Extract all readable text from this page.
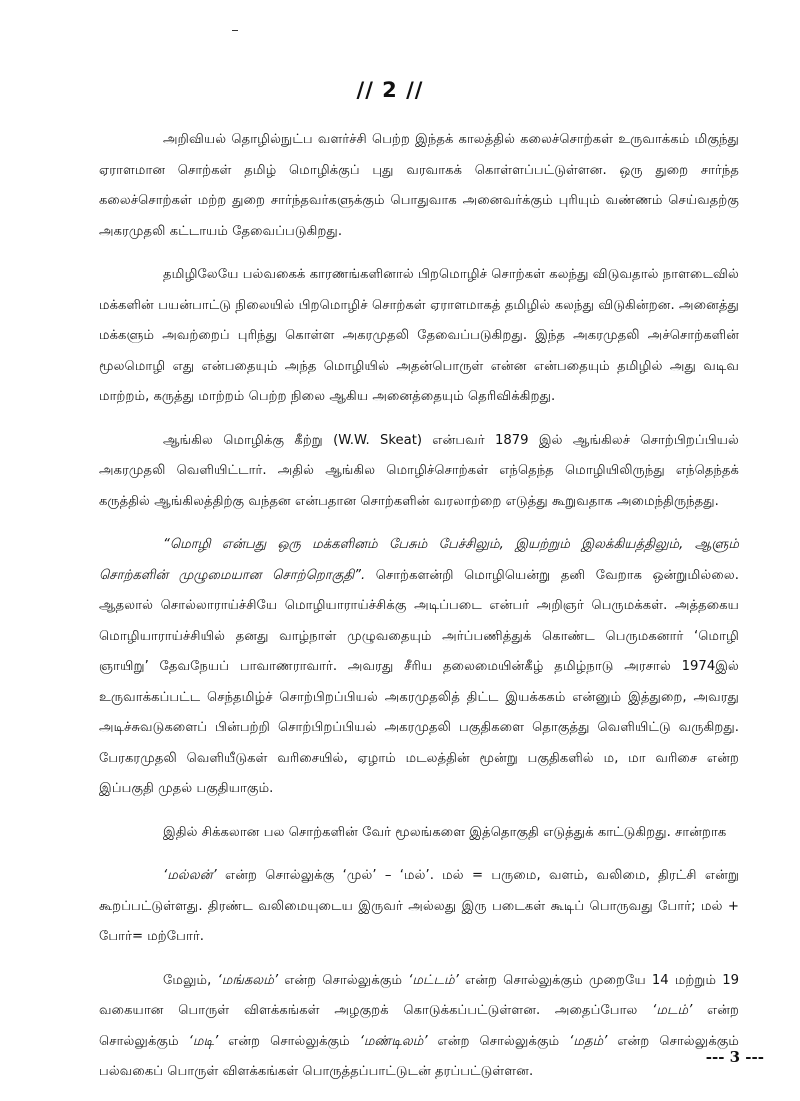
// 2 //

அறிவியல் தொழில்நுட்ப வளர்ச்சி பெற்ற இந்தக் காலத்தில் கலைச்சொற்கள் உருவாக்கம் மிகுந்து ஏராளமான சொற்கள் தமிழ் மொழிக்குப் புது வரவாகக் கொள்ளப்பட்டுள்ளன. ஒரு துறை சார்ந்த கலைச்சொற்கள் மற்ற துறை சார்ந்தவர்களுக்கும் பொதுவாக அனைவர்க்கும் புரியும் வண்ணம் செய்வதற்கு அகரமுதலி கட்டாயம் தேவைப்படுகிறது.

தமிழிலேயே பல்வகைக் காரணங்களினால் பிறமொழிச் சொற்கள் கலந்து விடுவதால் நாளடைவில் மக்களின் பயன்பாட்டு நிலையில் பிறமொழிச் சொற்கள் ஏராளமாகத் தமிழில் கலந்து விடுகின்றன. அனைத்து மக்களும் அவற்றைப் புரிந்து கொள்ள அகரமுதலி தேவைப்படுகிறது. இந்த அகரமுதலி அச்சொற்களின் மூலமொழி எது என்பதையும் அந்த மொழியில் அதன்பொருள் என்ன என்பதையும் தமிழில் அது வடிவ மாற்றம், கருத்து மாற்றம் பெற்ற நிலை ஆகிய அனைத்தையும் தெரிவிக்கிறது.

ஆங்கில மொழிக்கு கீற்று (W.W. Skeat) என்பவர் 1879 இல் ஆங்கிலச் சொற்பிறப்பியல் அகரமுதலி வெளியிட்டார். அதில் ஆங்கில மொழிச்சொற்கள் எந்தெந்த மொழியிலிருந்து எந்தெந்தக் கருத்தில் ஆங்கிலத்திற்கு வந்தன என்பதான சொற்களின் வரலாற்றை எடுத்து கூறுவதாக அமைந்திருந்தது.

“மொழி என்பது ஒரு மக்களினம் பேசும் பேச்சிலும், இயற்றும் இலக்கியத்திலும், ஆளும் சொற்களின் முழுமையான சொற்றொகுதி”. சொற்களன்றி மொழியென்று தனி வேறாக ஒன்றுமில்லை. ஆதலால் சொல்லாராய்ச்சியே மொழியாராய்ச்சிக்கு அடிப்படை என்பர் அறிஞர் பெருமக்கள். அத்தகைய மொழியாராய்ச்சியில் தனது வாழ்நாள் முழுவதையும் அர்ப்பணித்துக் கொண்ட பெருமகனார் ‘மொழி ஞாயிறு’ தேவநேயப் பாவாணராவார். அவரது சீரிய தலைமையின்கீழ் தமிழ்நாடு அரசால் 1974இல் உருவாக்கப்பட்ட செந்தமிழ்ச் சொற்பிறப்பியல் அகரமுதலித் திட்ட இயக்ககம் என்னும் இத்துறை, அவரது அடிச்சுவடுகளைப் பின்பற்றி சொற்பிறப்பியல் அகரமுதலி பகுதிகளை தொகுத்து வெளியிட்டு வருகிறது. பேரகரமுதலி வெளியீடுகள் வரிசையில், ஏழாம் மடலத்தின் மூன்று பகுதிகளில் ம, மா வரிசை என்ற இப்பகுதி முதல் பகுதியாகும்.

இதில் சிக்கலான பல சொற்களின் வேர் மூலங்களை இத்தொகுதி எடுத்துக் காட்டுகிறது. சான்றாக

‘மல்லன்’ என்ற சொல்லுக்கு ‘முல்’ – ‘மல்’. மல் = பருமை, வளம், வலிமை, திரட்சி என்று கூறப்பட்டுள்ளது. திரண்ட வலிமையுடைய இருவர் அல்லது இரு படைகள் கூடிப் பொருவது போர்; மல் + போர்= மற்போர்.

மேலும், ‘மங்கலம்’ என்ற சொல்லுக்கும் ‘மட்டம்’ என்ற சொல்லுக்கும் முறையே 14 மற்றும் 19 வகையான பொருள் விளக்கங்கள் அழகுறக் கொடுக்கப்பட்டுள்ளன. அதைப்போல ‘மடம்’ என்ற சொல்லுக்கும் ‘மடி’ என்ற சொல்லுக்கும் ‘மண்டிலம்’ என்ற சொல்லுக்கும் ‘மதம்’ என்ற சொல்லுக்கும் பல்வகைப் பொருள் விளக்கங்கள் பொருத்தப்பாட்டுடன் தரப்பட்டுள்ளன.

--- 3 ---
